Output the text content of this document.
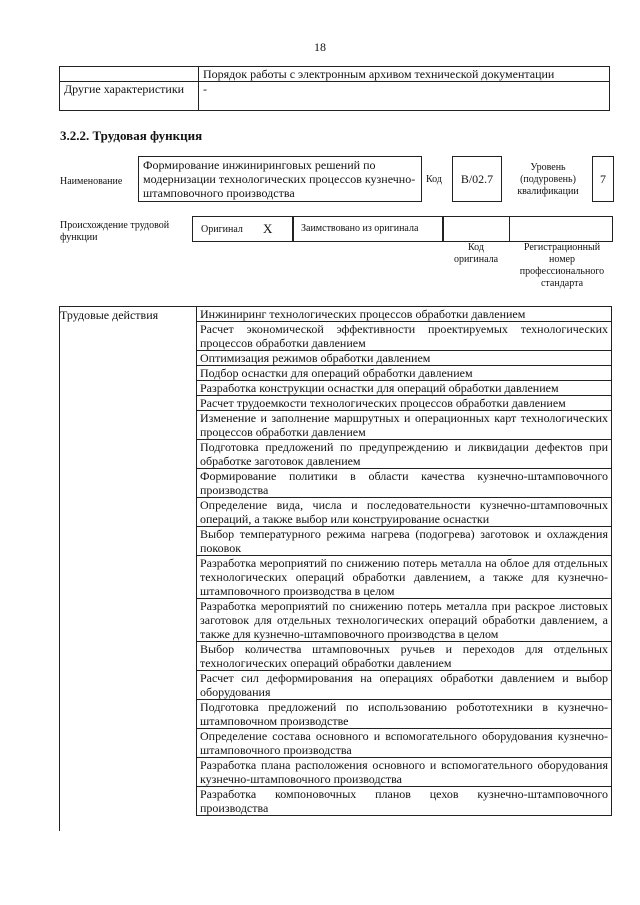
18
	Порядок работы с электронным архивом технической документации
Другие характеристики	-
3.2.2. Трудовая функция
Наименование
Формирование инжиниринговых решений по модернизации технологических процессов кузнечно-штамповочного производства
Код	B/02.7
Уровень (подуровень) квалификации
7
Происхождение трудовой функции
Оригинал X	Заимствовано из оригинала
Код оригинала
Регистрационный номер профессионального стандарта
Трудовые действия	Инжиниринг технологических процессов обработки давлением
Расчет экономической эффективности проектируемых технологических процессов обработки давлением
Оптимизация режимов обработки давлением
Подбор оснастки для операций обработки давлением
Разработка конструкции оснастки для операций обработки давлением
Расчет трудоемкости технологических процессов обработки давлением
Изменение и заполнение маршрутных и операционных карт технологических процессов обработки давлением
Подготовка предложений по предупреждению и ликвидации дефектов при обработке заготовок давлением
Формирование политики в области качества кузнечно-штамповочного производства
Определение вида, числа и последовательности кузнечно-штамповочных операций, а также выбор или конструирование оснастки
Выбор температурного режима нагрева (подогрева) заготовок и охлаждения поковок
Разработка мероприятий по снижению потерь металла на облое для отдельных технологических операций обработки давлением, а также для кузнечно-штамповочного производства в целом
Разработка мероприятий по снижению потерь металла при раскрое листовых заготовок для отдельных технологических операций обработки давлением, а также для кузнечно-штамповочного производства в целом
Выбор количества штамповочных ручьев и переходов для отдельных технологических операций обработки давлением
Расчет сил деформирования на операциях обработки давлением и выбор оборудования
Подготовка предложений по использованию робототехники в кузнечно-штамповочном производстве
Определение состава основного и вспомогательного оборудования кузнечно-штамповочного производства
Разработка плана расположения основного и вспомогательного оборудования кузнечно-штамповочного производства
Разработка компоновочных планов цехов кузнечно-штамповочного производства
